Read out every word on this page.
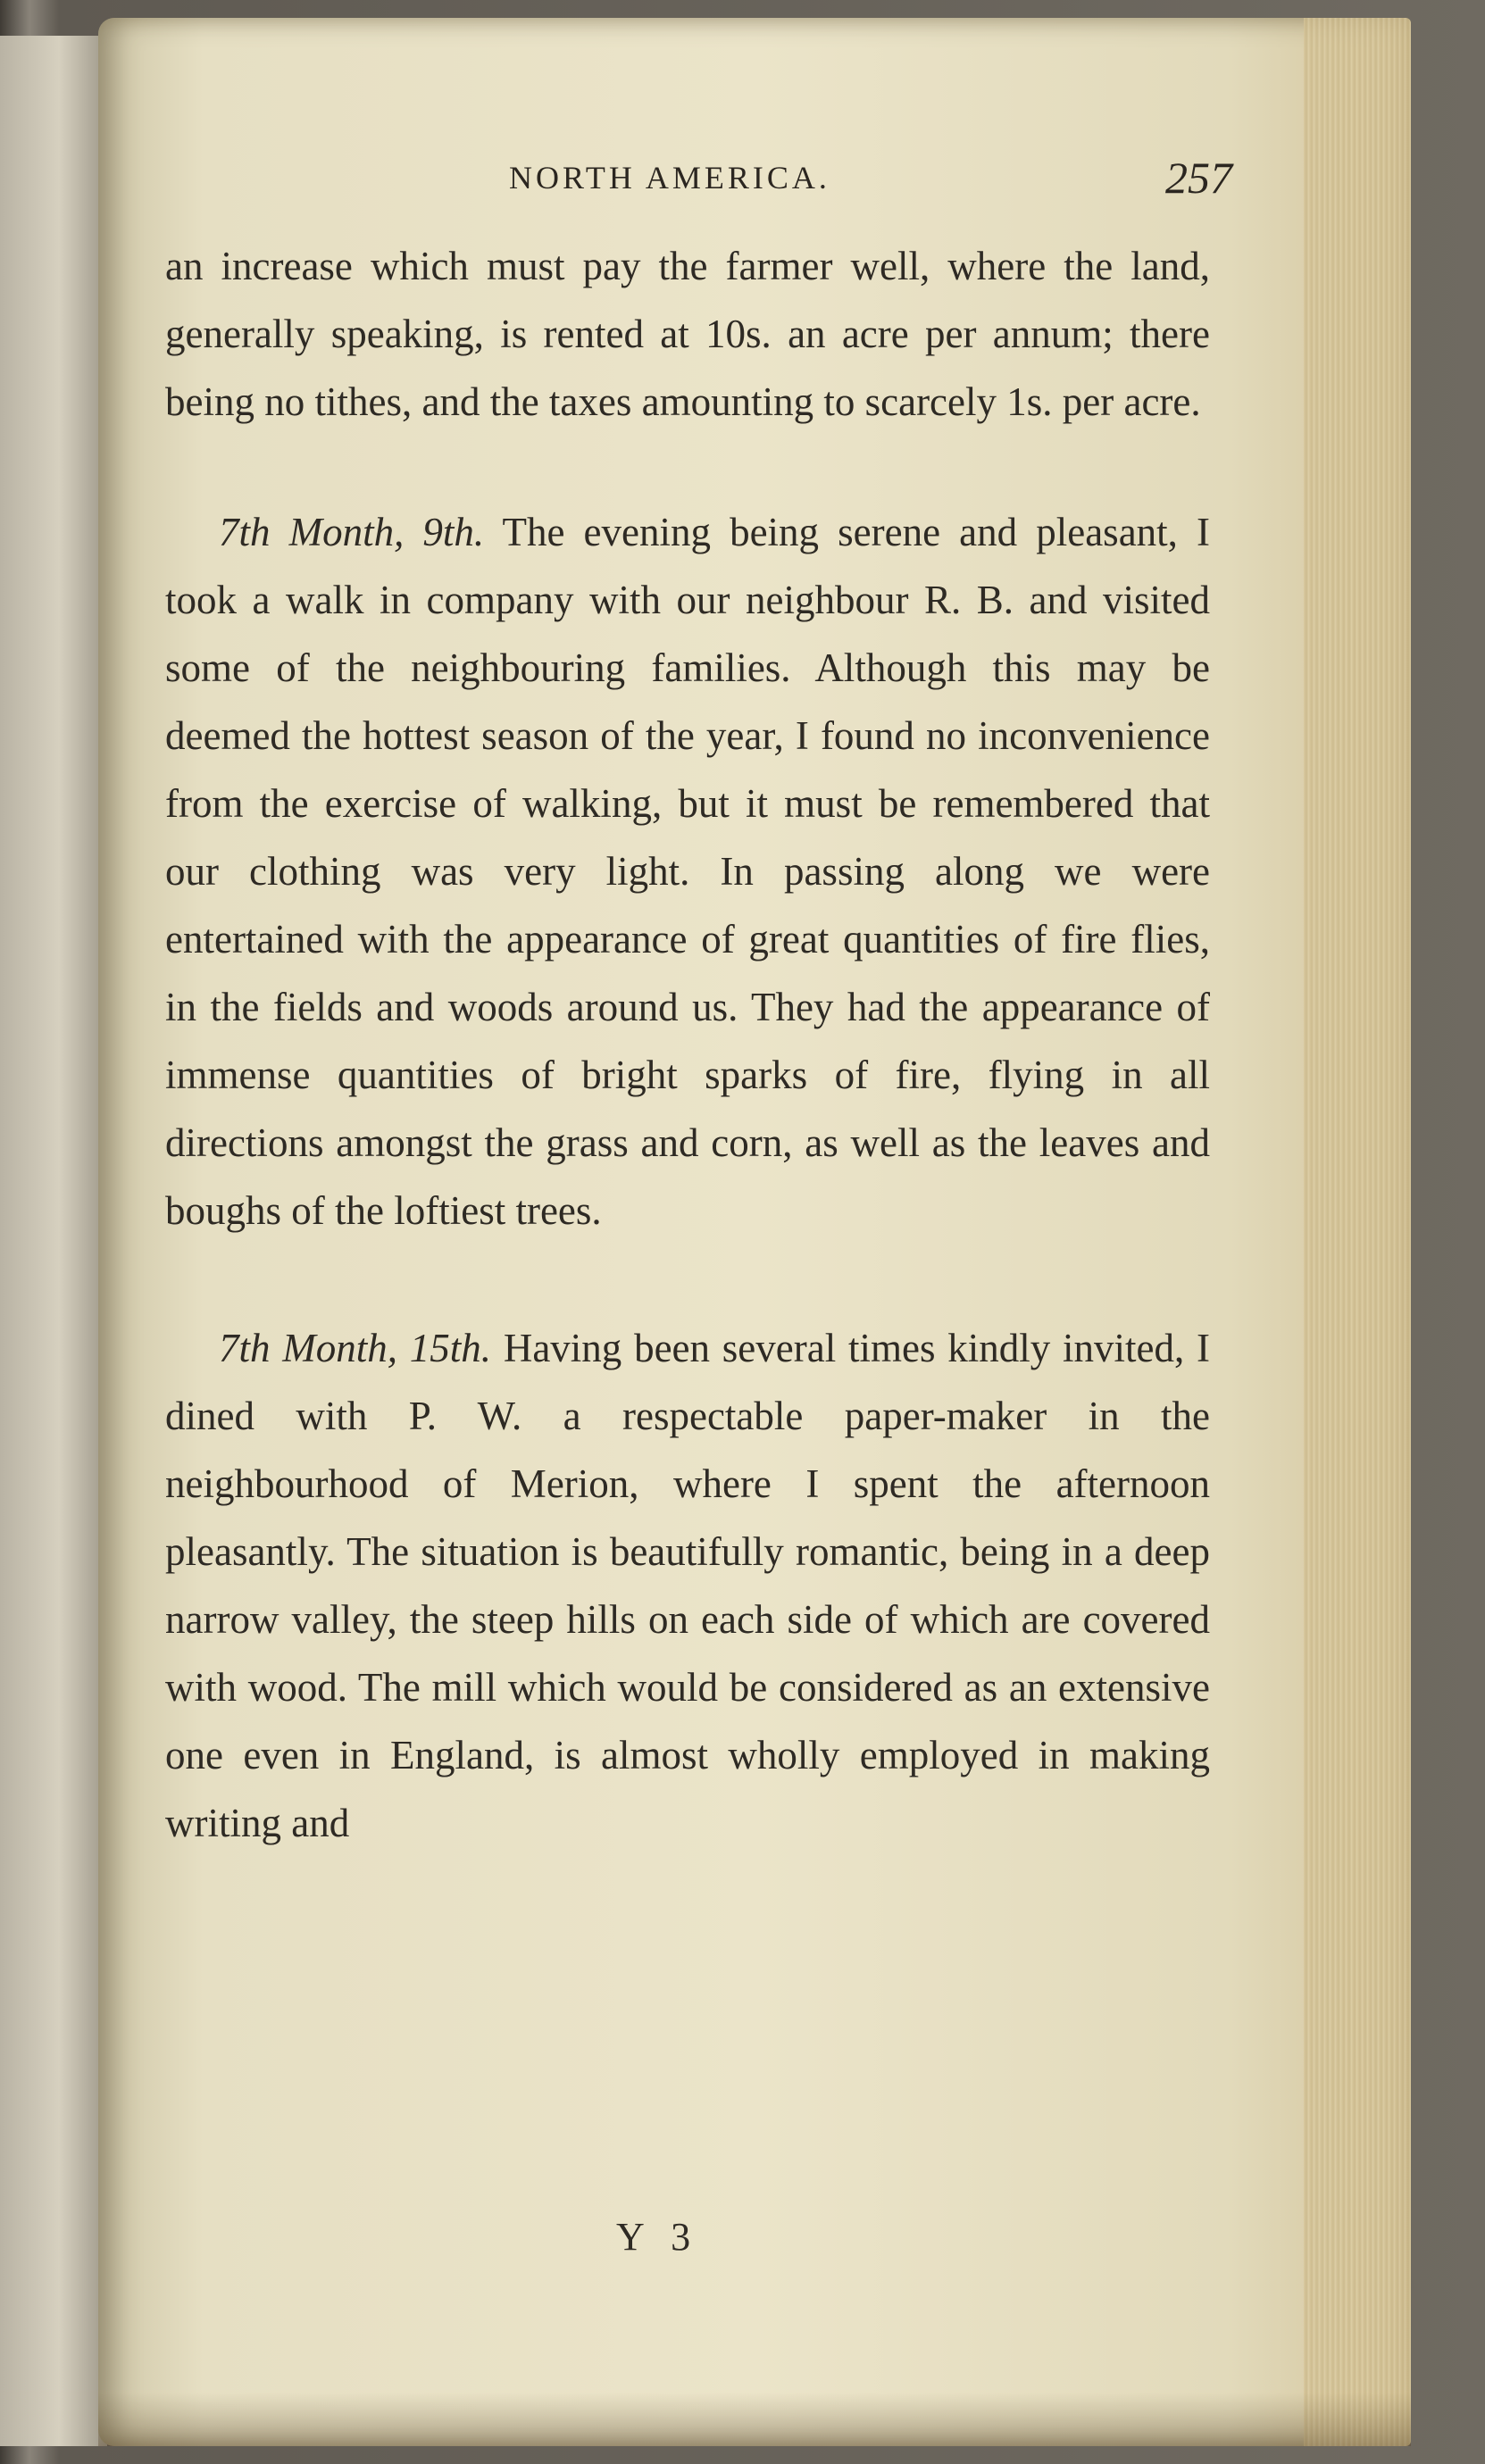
NORTH AMERICA.	257

an increase which must pay the farmer well, where the land, generally speaking, is rented at 10s. an acre per annum; there being no tithes, and the taxes amounting to scarcely 1s. per acre.

7th Month, 9th. The evening being serene and pleasant, I took a walk in company with our neighbour R. B. and visited some of the neighbouring families. Although this may be deemed the hottest season of the year, I found no inconvenience from the exercise of walking, but it must be remembered that our clothing was very light. In passing along we were entertained with the appearance of great quantities of fire flies, in the fields and woods around us. They had the appearance of immense quantities of bright sparks of fire, flying in all directions amongst the grass and corn, as well as the leaves and boughs of the loftiest trees.

7th Month, 15th. Having been several times kindly invited, I dined with P. W. a respectable paper-maker in the neighbourhood of Merion, where I spent the afternoon pleasantly. The situation is beautifully romantic, being in a deep narrow valley, the steep hills on each side of which are covered with wood. The mill which would be considered as an extensive one even in England, is almost wholly employed in making writing and

Y 3
